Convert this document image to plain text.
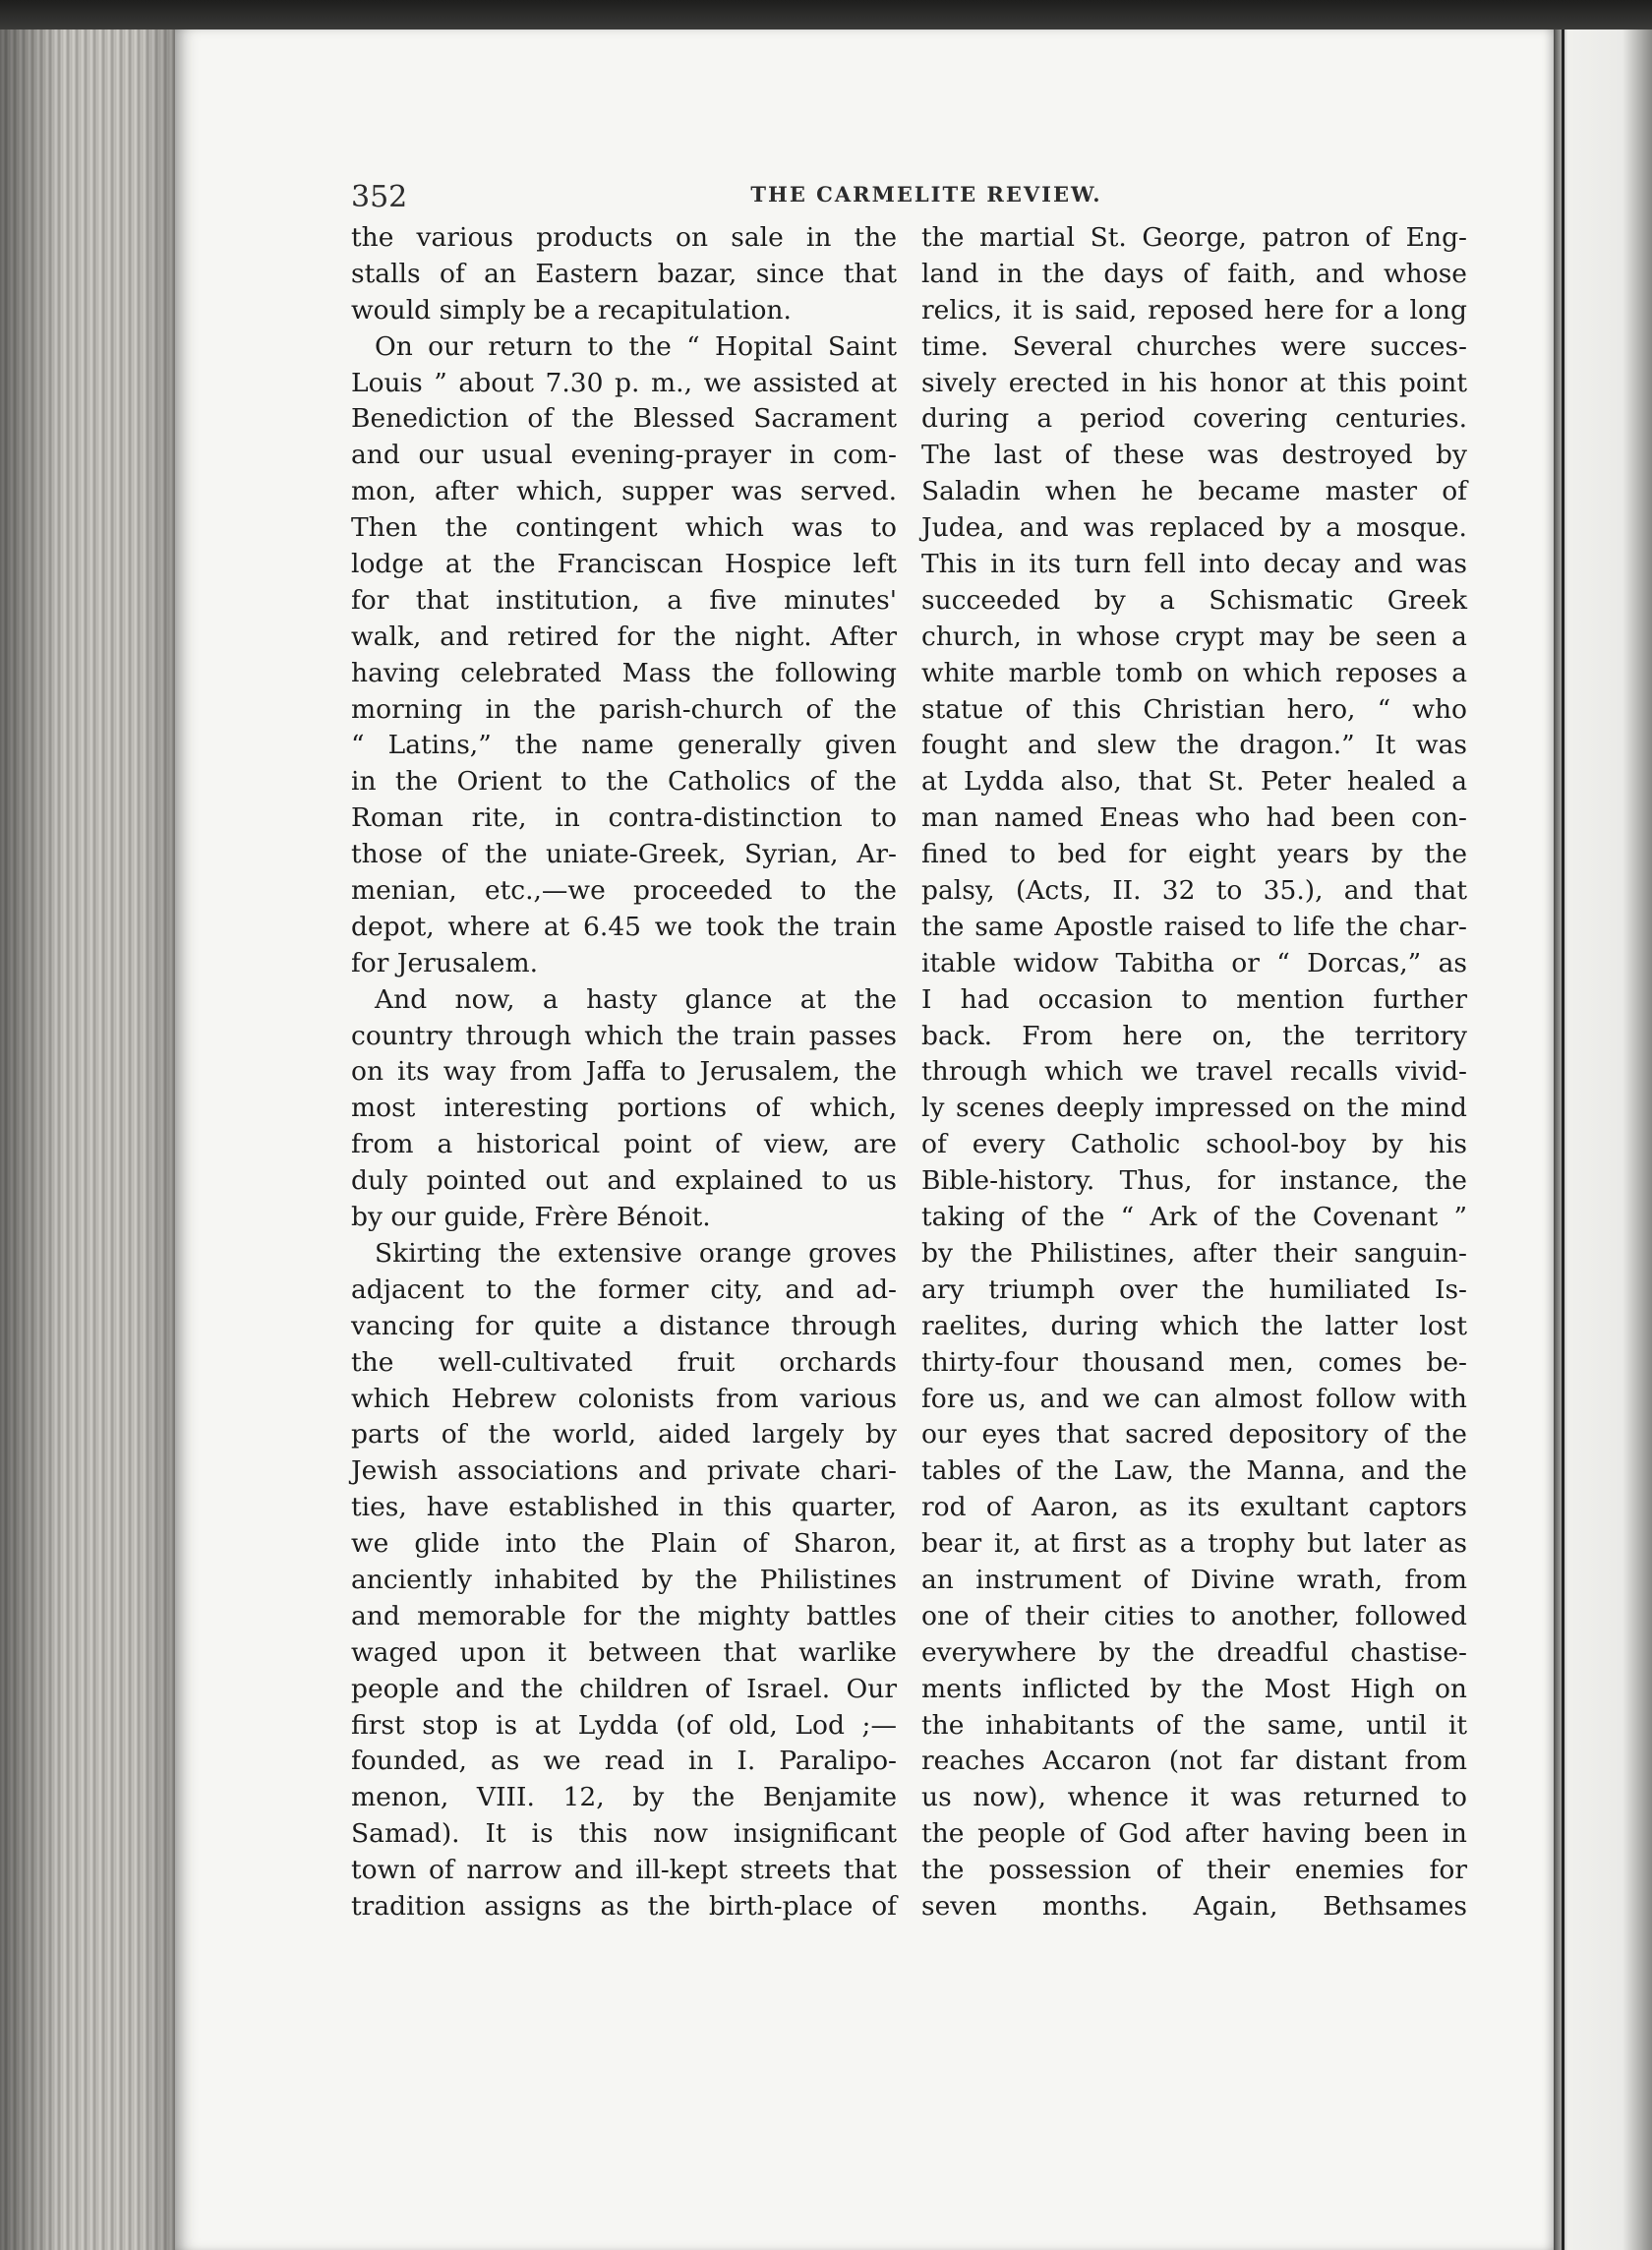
352	THE CARMELITE REVIEW.
the various products on sale in the
stalls of an Eastern bazar, since that
would simply be a recapitulation.
On our return to the “ Hopital Saint
Louis ” about 7.30 p. m., we assisted at
Benediction of the Blessed Sacrament
and our usual evening-prayer in com-
mon, after which, supper was served.
Then the contingent which was to
lodge at the Franciscan Hospice left
for that institution, a five minutes'
walk, and retired for the night. After
having celebrated Mass the following
morning in the parish-church of the
“ Latins,” the name generally given
in the Orient to the Catholics of the
Roman rite, in contra-distinction to
those of the uniate-Greek, Syrian, Ar-
menian, etc.,—we proceeded to the
depot, where at 6.45 we took the train
for Jerusalem.
And now, a hasty glance at the
country through which the train passes
on its way from Jaffa to Jerusalem, the
most interesting portions of which,
from a historical point of view, are
duly pointed out and explained to us
by our guide, Frère Bénoit.
Skirting the extensive orange groves
adjacent to the former city, and ad-
vancing for quite a distance through
the well-cultivated fruit orchards
which Hebrew colonists from various
parts of the world, aided largely by
Jewish associations and private chari-
ties, have established in this quarter,
we glide into the Plain of Sharon,
anciently inhabited by the Philistines
and memorable for the mighty battles
waged upon it between that warlike
people and the children of Israel. Our
first stop is at Lydda (of old, Lod ;—
founded, as we read in I. Paralipo-
menon, VIII. 12, by the Benjamite
Samad). It is this now insignificant
town of narrow and ill-kept streets that
tradition assigns as the birth-place of
the martial St. George, patron of Eng-
land in the days of faith, and whose
relics, it is said, reposed here for a long
time. Several churches were succes-
sively erected in his honor at this point
during a period covering centuries.
The last of these was destroyed by
Saladin when he became master of
Judea, and was replaced by a mosque.
This in its turn fell into decay and was
succeeded by a Schismatic Greek
church, in whose crypt may be seen a
white marble tomb on which reposes a
statue of this Christian hero, “ who
fought and slew the dragon.” It was
at Lydda also, that St. Peter healed a
man named Eneas who had been con-
fined to bed for eight years by the
palsy, (Acts, II. 32 to 35.), and that
the same Apostle raised to life the char-
itable widow Tabitha or “ Dorcas,” as
I had occasion to mention further
back. From here on, the territory
through which we travel recalls vivid-
ly scenes deeply impressed on the mind
of every Catholic school-boy by his
Bible-history. Thus, for instance, the
taking of the “ Ark of the Covenant ”
by the Philistines, after their sanguin-
ary triumph over the humiliated Is-
raelites, during which the latter lost
thirty-four thousand men, comes be-
fore us, and we can almost follow with
our eyes that sacred depository of the
tables of the Law, the Manna, and the
rod of Aaron, as its exultant captors
bear it, at first as a trophy but later as
an instrument of Divine wrath, from
one of their cities to another, followed
everywhere by the dreadful chastise-
ments inflicted by the Most High on
the inhabitants of the same, until it
reaches Accaron (not far distant from
us now), whence it was returned to
the people of God after having been in
the possession of their enemies for
seven months. Again, Bethsames
